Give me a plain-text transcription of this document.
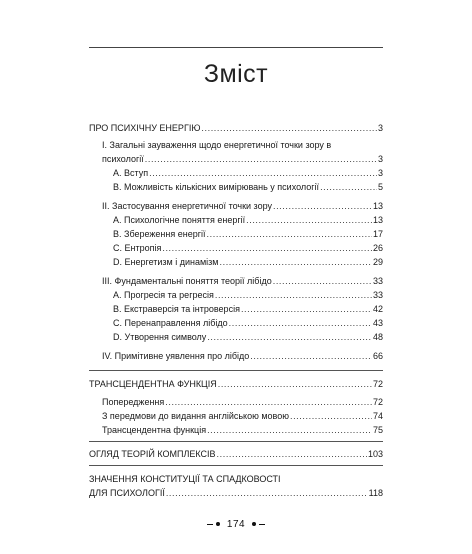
Зміст
ПРО ПСИХІЧНУ ЕНЕРГІЮ .....	3
І. Загальні зауваження щодо енергетичної точки зору в
психології .....	3
А. Вступ .....	3
В. Можливість кількісних вимірювань у психології .....	5
ІІ. Застосування енергетичної точки зору .....	13
A. Психологічне поняття енергії .....	13
В. Збереження енергії .....	17
C. Ентропія .....	26
D. Енергетизм і динамізм .....	29
ІІІ. Фундаментальні поняття теорії лібідо .....	33
A. Прогресія та регресія .....	33
B. Екстраверсія та інтроверсія .....	42
C. Перенаправлення лібідо .....	43
D. Утворення символу .....	48
IV. Примітивне уявлення про лібідо .....	66
ТРАНСЦЕНДЕНТНА ФУНКЦІЯ .....	72
Попередження .....	72
З передмови до видання англійською мовою .....	74
Трансцендентна функція .....	75
ОГЛЯД ТЕОРІЙ КОМПЛЕКСІВ .....	103
ЗНАЧЕННЯ КОНСТИТУЦІЇ ТА СПАДКОВОСТІ
ДЛЯ ПСИХОЛОГІЇ .....	118
174
